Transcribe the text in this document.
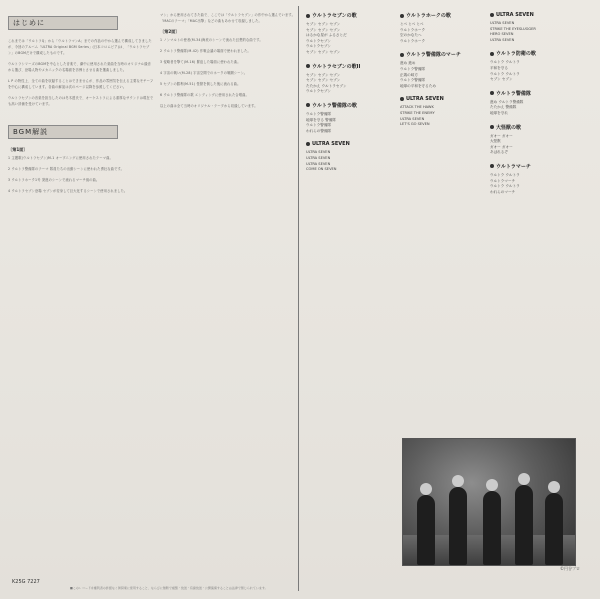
はじめに

これまでは「ウルトラQ」から「ウルトラマンA」までの作品の中から選んで構成してきましたが、今回のアルバム「ULTRA Original BGM Series」(日本コロムビア)は、「ウルトラセブン」のBGMだけで構成したものです。

ウルトラシリーズのBGMを中心とした音楽で、劇中に使用された楽曲を当時のオリジナル録音から選び、登場人物やメカニックの名場面を彷彿とさせる曲を選曲しました。

L P の特性上、全ての曲を収録することはできませんが、作品の雰囲気を伝える主要なモチーフを中心に構成しています。各曲の解説は次のページ以降を参照してください。

ウルトラセブンの音楽を担当したのは冬木透氏で、オーケストラによる重厚なサウンドは現在でも高い評価を受けています。

BGM解説
〔第1面〕

1 主題歌(ウルトラセブン)M-1 オープニングに使用されたテーマ曲。

2 ウルトラ警備隊のテーマ 隊員たちの出動シーンに使われた勇壮な曲です。

3 ウルトラホーク1号 発進のシーンで流れるマーチ風の曲。

4 ウルトラセブン登場 セブンが変身して巨大化するシーンで使用されました。

マン」から使用されてきた曲で、ここでは「ウルトラセブン」の作中から選んでいます。「MACのテーマ」「MAC出撃」などの曲もあわせて収録しました。

〔第2面〕

1 ノンマルトの使者(M-34)海底のシーンで流れた幻想的な曲です。

2 ウルトラ警備隊(M-42) 作戦会議の場面で使われました。

3 侵略者を撃て(M-16) 緊迫した場面に使われた曲。

4 宇宙の戦い(M-28) 宇宙空間でのホークの戦闘シーン。

5 セブンの勝利(M-51) 怪獣を倒した後に流れる曲。

6 ウルトラ警備隊の歌 エンディングに使用された合唱曲。

以上の曲は全て当時のオリジナル・テープから収録しています。

ウルトラセブンの歌
セブン セブン セブン
セブン セブン セブン
はるかな星が ふるさとだ
ウルトラセブン
ウルトラセブン
セブン セブン セブン
ウルトラセブンの歌II
セブン セブン セブン
セブン セブン セブン
たたかえ ウルトラセブン
ウルトラセブン
ウルトラ警備隊の歌
ウルトラ警備隊
地球を守る 警備隊
ウルトラ警備隊
われらの警備隊
ULTRA SEVEN
ULTRA SEVEN
ULTRA SEVEN
ULTRA SEVEN
COME ON SEVEN
ウルトラホークの歌
とべ とべ とべ
ウルトラホーク
空のかなたへ
ウルトラホーク
ウルトラ警備隊のマーチ
進め 進め
ウルトラ警備隊
正義の味方
ウルトラ警備隊
地球の平和を守るため
ULTRA SEVEN
ATTACK THE HAWK
STRIKE THE ENEMY
ULTRA SEVEN
LET'S GO SEVEN
ULTRA SEVEN
ULTRA SEVEN
STRIKE THE EYESLUGGER
HERO SEVEN
ULTRA SEVEN
ウルトラ防衛の歌
ウルトラ ウルトラ
平和を守る
ウルトラ ウルトラ
セブン セブン
ウルトラ警備隊
進め ウルトラ警備隊
たたかえ 警備隊
地球を守れ
大怪獣の歌
ガオー ガオー
大怪獣
ガオー ガオー
あばれるぞ
ウルトラマーチ
ウルトラ ウルトラ
ウルトラマーチ
ウルトラ ウルトラ
われらのマーチ
©円谷プロ
K25G 7227
■このレコードを権利者の許諾なく賃貸業に使用すること、ならびに無断で複製・放送・有線放送・公開演奏することは法律で禁じられています。
